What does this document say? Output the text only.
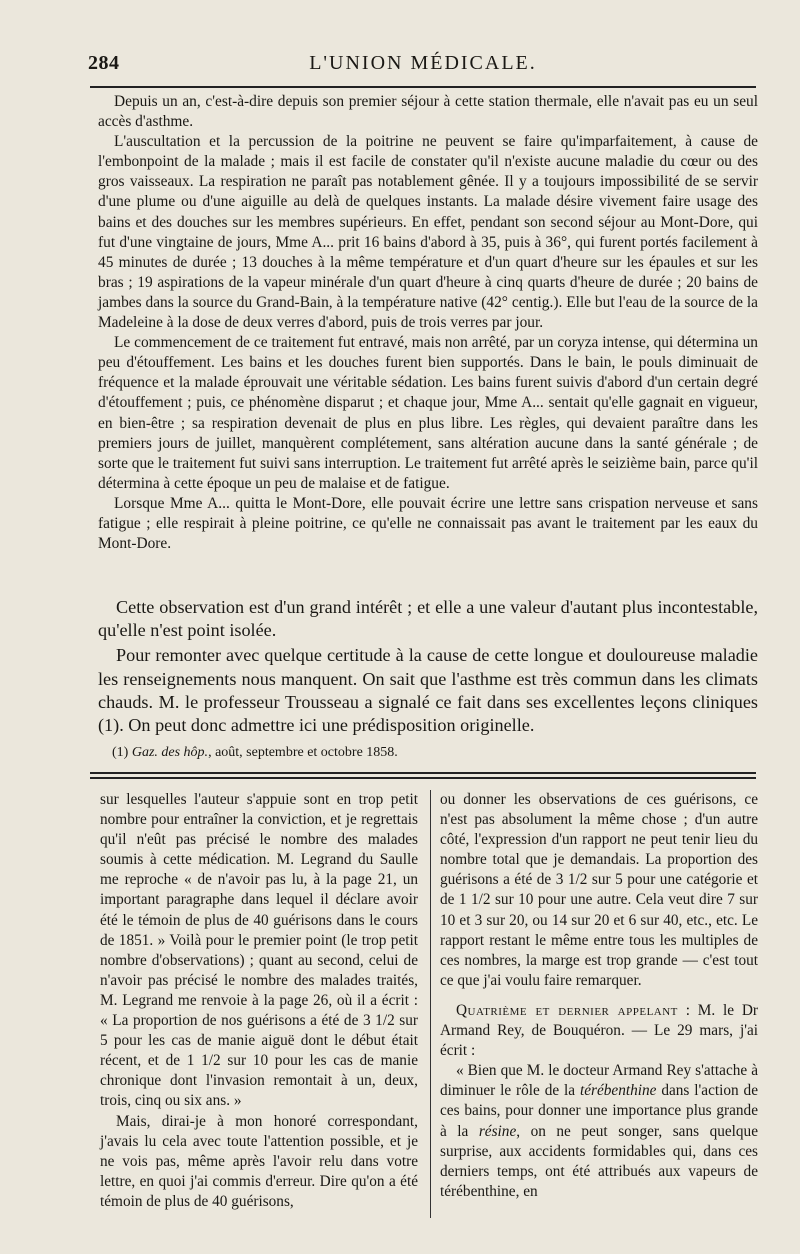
284	L'UNION MÉDICALE.

Depuis un an, c'est-à-dire depuis son premier séjour à cette station thermale, elle n'avait pas eu un seul accès d'asthme.

L'auscultation et la percussion de la poitrine ne peuvent se faire qu'imparfaitement, à cause de l'embonpoint de la malade ; mais il est facile de constater qu'il n'existe aucune maladie du cœur ou des gros vaisseaux. La respiration ne paraît pas notablement gênée. Il y a toujours impossibilité de se servir d'une plume ou d'une aiguille au delà de quelques instants. La malade désire vivement faire usage des bains et des douches sur les membres supérieurs. En effet, pendant son second séjour au Mont-Dore, qui fut d'une vingtaine de jours, Mme A... prit 16 bains d'abord à 35, puis à 36°, qui furent portés facilement à 45 minutes de durée ; 13 douches à la même température et d'un quart d'heure sur les épaules et sur les bras ; 19 aspirations de la vapeur minérale d'un quart d'heure à cinq quarts d'heure de durée ; 20 bains de jambes dans la source du Grand-Bain, à la température native (42° centig.). Elle but l'eau de la source de la Madeleine à la dose de deux verres d'abord, puis de trois verres par jour.

Le commencement de ce traitement fut entravé, mais non arrêté, par un coryza intense, qui détermina un peu d'étouffement. Les bains et les douches furent bien supportés. Dans le bain, le pouls diminuait de fréquence et la malade éprouvait une véritable sédation. Les bains furent suivis d'abord d'un certain degré d'étouffement ; puis, ce phénomène disparut ; et chaque jour, Mme A... sentait qu'elle gagnait en vigueur, en bien-être ; sa respiration devenait de plus en plus libre. Les règles, qui devaient paraître dans les premiers jours de juillet, manquèrent complétement, sans altération aucune dans la santé générale ; de sorte que le traitement fut suivi sans interruption. Le traitement fut arrêté après le seizième bain, parce qu'il détermina à cette époque un peu de malaise et de fatigue.

Lorsque Mme A... quitta le Mont-Dore, elle pouvait écrire une lettre sans crispation nerveuse et sans fatigue ; elle respirait à pleine poitrine, ce qu'elle ne connaissait pas avant le traitement par les eaux du Mont-Dore.

Cette observation est d'un grand intérêt ; et elle a une valeur d'autant plus incontestable, qu'elle n'est point isolée.

Pour remonter avec quelque certitude à la cause de cette longue et douloureuse maladie les renseignements nous manquent. On sait que l'asthme est très commun dans les climats chauds. M. le professeur Trousseau a signalé ce fait dans ses excellentes leçons cliniques (1). On peut donc admettre ici une prédisposition originelle.

(1) Gaz. des hôp., août, septembre et octobre 1858.

sur lesquelles l'auteur s'appuie sont en trop petit nombre pour entraîner la conviction, et je regrettais qu'il n'eût pas précisé le nombre des malades soumis à cette médication. M. Legrand du Saulle me reproche « de n'avoir pas lu, à la page 21, un important paragraphe dans lequel il déclare avoir été le témoin de plus de 40 guérisons dans le cours de 1851. » Voilà pour le premier point (le trop petit nombre d'observations) ; quant au second, celui de n'avoir pas précisé le nombre des malades traités, M. Legrand me renvoie à la page 26, où il a écrit : « La proportion de nos guérisons a été de 3 1/2 sur 5 pour les cas de manie aiguë dont le début était récent, et de 1 1/2 sur 10 pour les cas de manie chronique dont l'invasion remontait à un, deux, trois, cinq ou six ans. »

Mais, dirai-je à mon honoré correspondant, j'avais lu cela avec toute l'attention possible, et je ne vois pas, même après l'avoir relu dans votre lettre, en quoi j'ai commis d'erreur. Dire qu'on a été témoin de plus de 40 guérisons,

ou donner les observations de ces guérisons, ce n'est pas absolument la même chose ; d'un autre côté, l'expression d'un rapport ne peut tenir lieu du nombre total que je demandais. La proportion des guérisons a été de 3 1/2 sur 5 pour une catégorie et de 1 1/2 sur 10 pour une autre. Cela veut dire 7 sur 10 et 3 sur 20, ou 14 sur 20 et 6 sur 40, etc., etc. Le rapport restant le même entre tous les multiples de ces nombres, la marge est trop grande — c'est tout ce que j'ai voulu faire remarquer.

Quatrième et dernier appelant : M. le Dr Armand Rey, de Bouquéron. — Le 29 mars, j'ai écrit :

« Bien que M. le docteur Armand Rey s'attache à diminuer le rôle de la térébenthine dans l'action de ces bains, pour donner une importance plus grande à la résine, on ne peut songer, sans quelque surprise, aux accidents formidables qui, dans ces derniers temps, ont été attribués aux vapeurs de térébenthine, en
